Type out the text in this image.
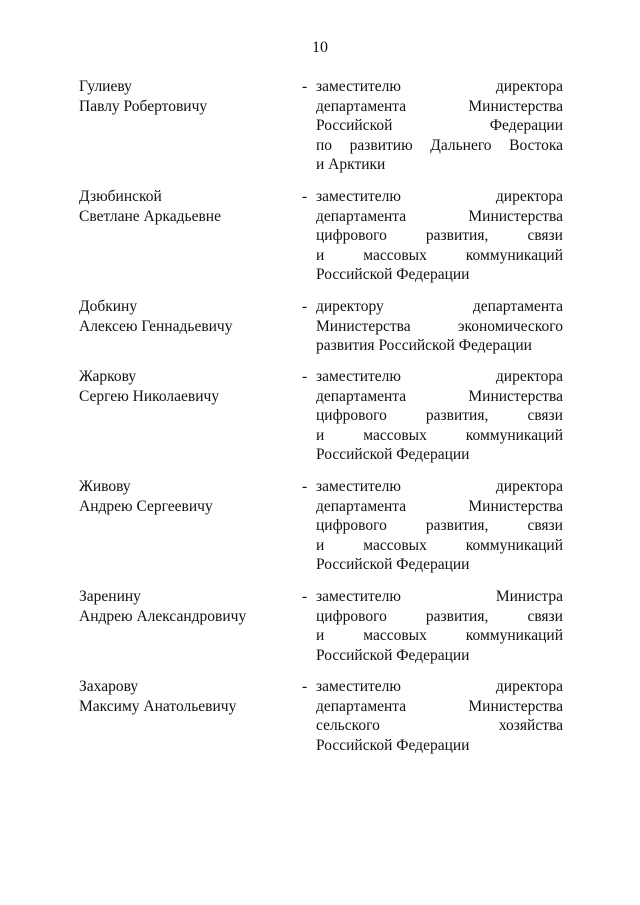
10
Гулиеву
Павлу Робертовичу
- заместителю	директора
департамента	Министерства
Российской	Федерации
по развитию Дальнего Востока
и Арктики
Дзюбинской
Светлане Аркадьевне
- заместителю	директора
департамента	Министерства
цифрового	развития,	связи
и	массовых	коммуникаций
Российской Федерации
Добкину
Алексею Геннадьевичу
- директору	департамента
Министерства	экономического
развития Российской Федерации
Жаркову
Сергею Николаевичу
- заместителю	директора
департамента	Министерства
цифрового	развития,	связи
и	массовых	коммуникаций
Российской Федерации
Живову
Андрею Сергеевичу
- заместителю	директора
департамента	Министерства
цифрового	развития,	связи
и	массовых	коммуникаций
Российской Федерации
Заренину
Андрею Александровичу
- заместителю	Министра
цифрового	развития,	связи
и	массовых	коммуникаций
Российской Федерации
Захарову
Максиму Анатольевичу
- заместителю	директора
департамента	Министерства
сельского	хозяйства
Российской Федерации
